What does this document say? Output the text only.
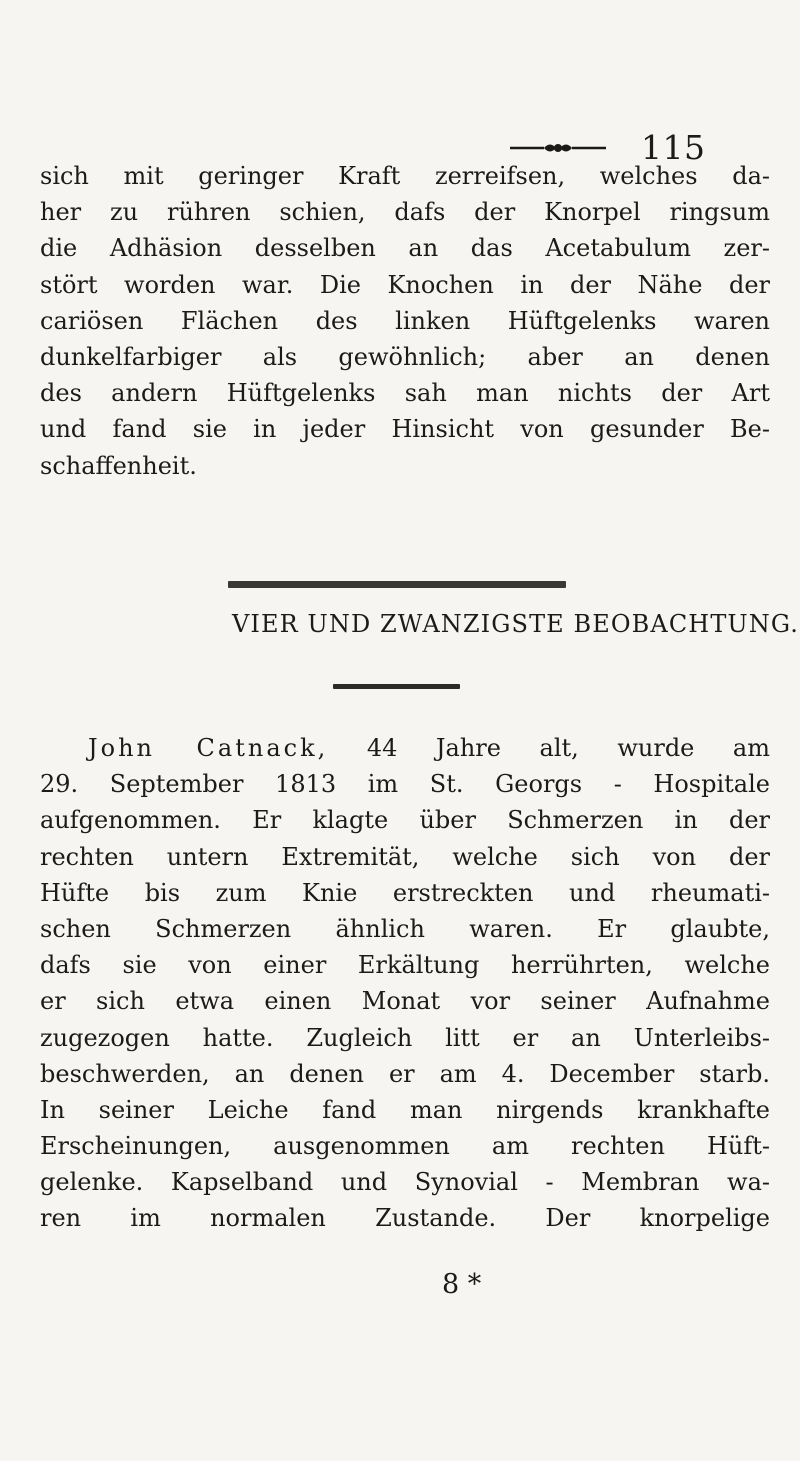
115
sich mit geringer Kraft zerreifsen, welches da-
her zu rühren schien, dafs der Knorpel ringsum
die Adhäsion desselben an das Acetabulum zer-
stört worden war. Die Knochen in der Nähe der
cariösen Flächen des linken Hüftgelenks waren
dunkelfarbiger als gewöhnlich; aber an denen
des andern Hüftgelenks sah man nichts der Art
und fand sie in jeder Hinsicht von gesunder Be-
schaffenheit.
VIER UND ZWANZIGSTE BEOBACHTUNG.
John Catnack, 44 Jahre alt, wurde am
29. September 1813 im St. Georgs - Hospitale
aufgenommen. Er klagte über Schmerzen in der
rechten untern Extremität, welche sich von der
Hüfte bis zum Knie erstreckten und rheumati-
schen Schmerzen ähnlich waren. Er glaubte,
dafs sie von einer Erkältung herrührten, welche
er sich etwa einen Monat vor seiner Aufnahme
zugezogen hatte. Zugleich litt er an Unterleibs-
beschwerden, an denen er am 4. December starb.
In seiner Leiche fand man nirgends krankhafte
Erscheinungen, ausgenommen am rechten Hüft-
gelenke. Kapselband und Synovial - Membran wa-
ren im normalen Zustande. Der knorpelige
8 *
